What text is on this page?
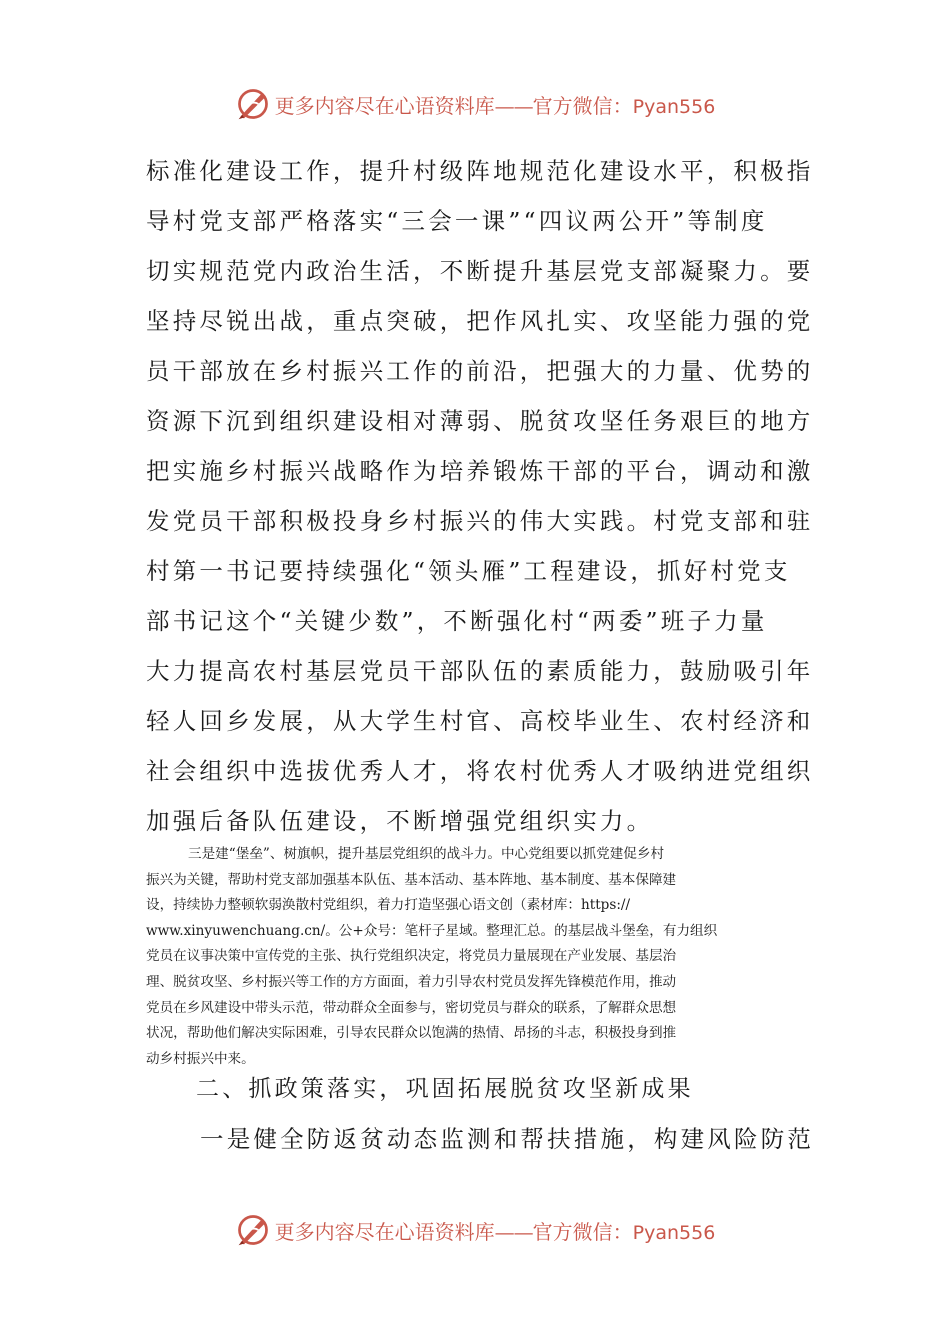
更多内容尽在心语资料库——官方微信：Pyan556
标准化建设工作，提升村级阵地规范化建设水平，积极指
导村党支部严格落实“三会一课”“四议两公开”等制度
切实规范党内政治生活，不断提升基层党支部凝聚力。要
坚持尽锐出战，重点突破，把作风扎实、攻坚能力强的党
员干部放在乡村振兴工作的前沿，把强大的力量、优势的
资源下沉到组织建设相对薄弱、脱贫攻坚任务艰巨的地方
把实施乡村振兴战略作为培养锻炼干部的平台，调动和激
发党员干部积极投身乡村振兴的伟大实践。村党支部和驻
村第一书记要持续强化“领头雁”工程建设，抓好村党支
部书记这个“关键少数”，不断强化村“两委”班子力量
大力提高农村基层党员干部队伍的素质能力，鼓励吸引年
轻人回乡发展，从大学生村官、高校毕业生、农村经济和
社会组织中选拔优秀人才，将农村优秀人才吸纳进党组织
加强后备队伍建设，不断增强党组织实力。
三是建“堡垒”、树旗帜，提升基层党组织的战斗力。中心党组要以抓党建促乡村
振兴为关键，帮助村党支部加强基本队伍、基本活动、基本阵地、基本制度、基本保障建
设，持续协力整顿软弱涣散村党组织，着力打造坚强心语文创（素材库：https://
www.xinyuwenchuang.cn/。公+众号：笔杆子星域。整理汇总。的基层战斗堡垒，有力组织
党员在议事决策中宣传党的主张、执行党组织决定，将党员力量展现在产业发展、基层治
理、脱贫攻坚、乡村振兴等工作的方方面面，着力引导农村党员发挥先锋模范作用，推动
党员在乡风建设中带头示范，带动群众全面参与，密切党员与群众的联系，了解群众思想
状况，帮助他们解决实际困难，引导农民群众以饱满的热情、昂扬的斗志，积极投身到推
动乡村振兴中来。
二、抓政策落实，巩固拓展脱贫攻坚新成果
一是健全防返贫动态监测和帮扶措施，构建风险防范
更多内容尽在心语资料库——官方微信：Pyan556
